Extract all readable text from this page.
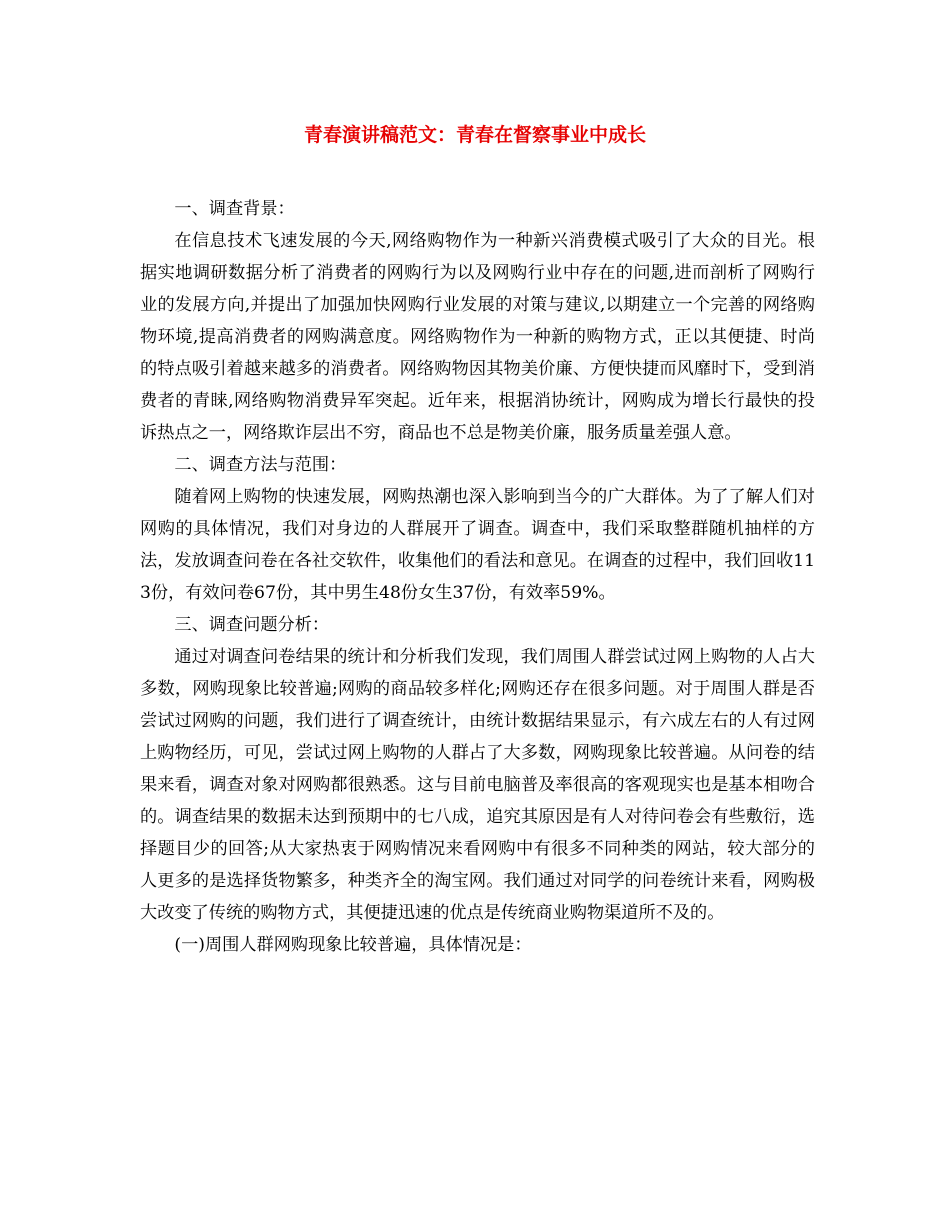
青春演讲稿范文：青春在督察事业中成长

一、调查背景：

在信息技术飞速发展的今天,网络购物作为一种新兴消费模式吸引了大众的目光。根据实地调研数据分析了消费者的网购行为以及网购行业中存在的问题,进而剖析了网购行业的发展方向,并提出了加强加快网购行业发展的对策与建议,以期建立一个完善的网络购物环境,提高消费者的网购满意度。网络购物作为一种新的购物方式，正以其便捷、时尚的特点吸引着越来越多的消费者。网络购物因其物美价廉、方便快捷而风靡时下，受到消费者的青睐,网络购物消费异军突起。近年来，根据消协统计，网购成为增长行最快的投诉热点之一，网络欺诈层出不穷，商品也不总是物美价廉，服务质量差强人意。

二、调查方法与范围：

随着网上购物的快速发展，网购热潮也深入影响到当今的广大群体。为了了解人们对网购的具体情况，我们对身边的人群展开了调查。调查中，我们采取整群随机抽样的方法，发放调查问卷在各社交软件，收集他们的看法和意见。在调查的过程中，我们回收113份，有效问卷67份，其中男生48份女生37份，有效率59%。

三、调查问题分析：

通过对调查问卷结果的统计和分析我们发现，我们周围人群尝试过网上购物的人占大多数，网购现象比较普遍;网购的商品较多样化;网购还存在很多问题。对于周围人群是否尝试过网购的问题，我们进行了调查统计，由统计数据结果显示，有六成左右的人有过网上购物经历，可见，尝试过网上购物的人群占了大多数，网购现象比较普遍。从问卷的结果来看，调查对象对网购都很熟悉。这与目前电脑普及率很高的客观现实也是基本相吻合的。调查结果的数据未达到预期中的七八成，追究其原因是有人对待问卷会有些敷衍，选择题目少的回答;从大家热衷于网购情况来看网购中有很多不同种类的网站，较大部分的人更多的是选择货物繁多，种类齐全的淘宝网。我们通过对同学的问卷统计来看，网购极大改变了传统的购物方式，其便捷迅速的优点是传统商业购物渠道所不及的。

(一)周围人群网购现象比较普遍，具体情况是：
